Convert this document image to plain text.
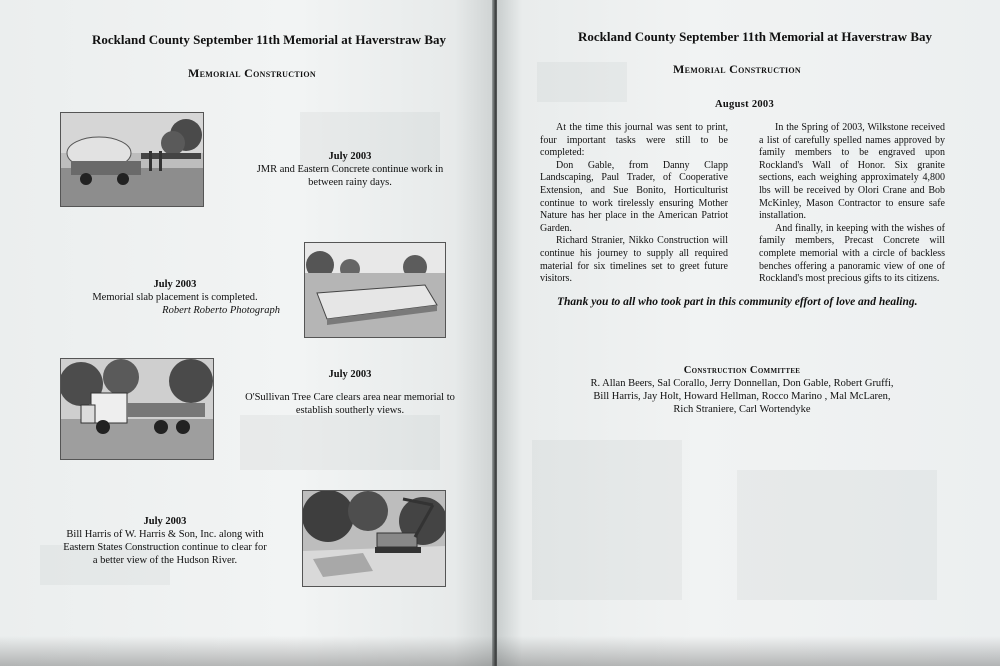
Rockland County September 11th Memorial at Haverstraw Bay
Memorial Construction
July 2003
JMR and Eastern Concrete continue work in between rainy days.
July 2003
Memorial slab placement is completed.
Robert Roberto Photograph
July 2003
O'Sullivan Tree Care clears area near memorial to establish southerly views.
July 2003
Bill Harris of W. Harris & Son, Inc. along with Eastern States Construction continue to clear for a better view of the Hudson River.
Rockland County September 11th Memorial at Haverstraw Bay
Memorial Construction
August 2003

At the time this journal was sent to print, four important tasks were still to be completed:

Don Gable, from Danny Clapp Landscaping, Paul Trader, of Cooperative Extension, and Sue Bonito, Horticulturist continue to work tirelessly ensuring Mother Nature has her place in the American Patriot Garden.

Richard Stranier, Nikko Construction will continue his journey to supply all required material for six timelines set to greet future visitors.

In the Spring of 2003, Wilkstone received a list of carefully spelled names approved by family members to be engraved upon Rockland's Wall of Honor. Six granite sections, each weighing approximately 4,800 lbs will be received by Olori Crane and Bob McKinley, Mason Contractor to ensure safe installation.

And finally, in keeping with the wishes of family members, Precast Concrete will complete memorial with a circle of backless benches offering a panoramic view of one of Rockland's most precious gifts to its citizens.

Thank you to all who took part in this community effort of love and healing.
Construction Committee
R. Allan Beers, Sal Corallo, Jerry Donnellan, Don Gable, Robert Gruffi,
Bill Harris, Jay Holt, Howard Hellman, Rocco Marino , Mal McLaren,
Rich Straniere, Carl Wortendyke
